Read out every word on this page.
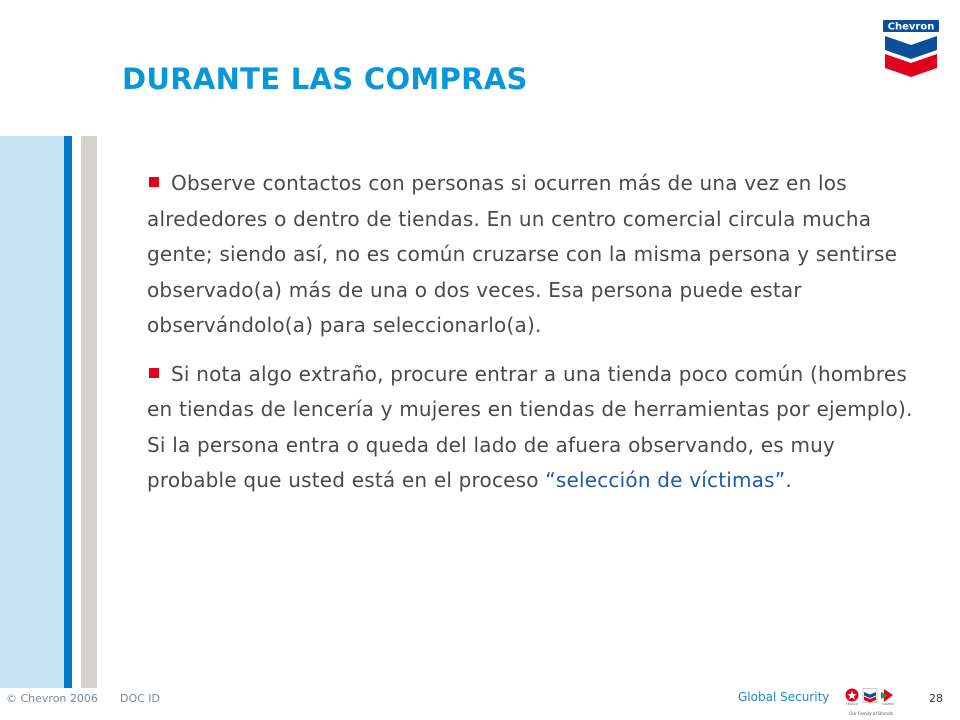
Chevron
DURANTE LAS COMPRAS

Observe contactos con personas si ocurren más de una vez en los alrededores o dentro de tiendas. En un centro comercial circula mucha gente; siendo así, no es común cruzarse con la misma persona y sentirse observado(a) más de una o dos veces. Esa persona puede estar observándolo(a) para seleccionarlo(a).

Si nota algo extraño, procure entrar a una tienda poco común (hombres en tiendas de lencería y mujeres en tiendas de herramientas por ejemplo). Si la persona entra o queda del lado de afuera observando, es muy probable que usted está en el proceso “selección de víctimas”.

© Chevron 2006 DOC ID	Global Security	TEXACO	CALTEX
Our Family of Brands
28
